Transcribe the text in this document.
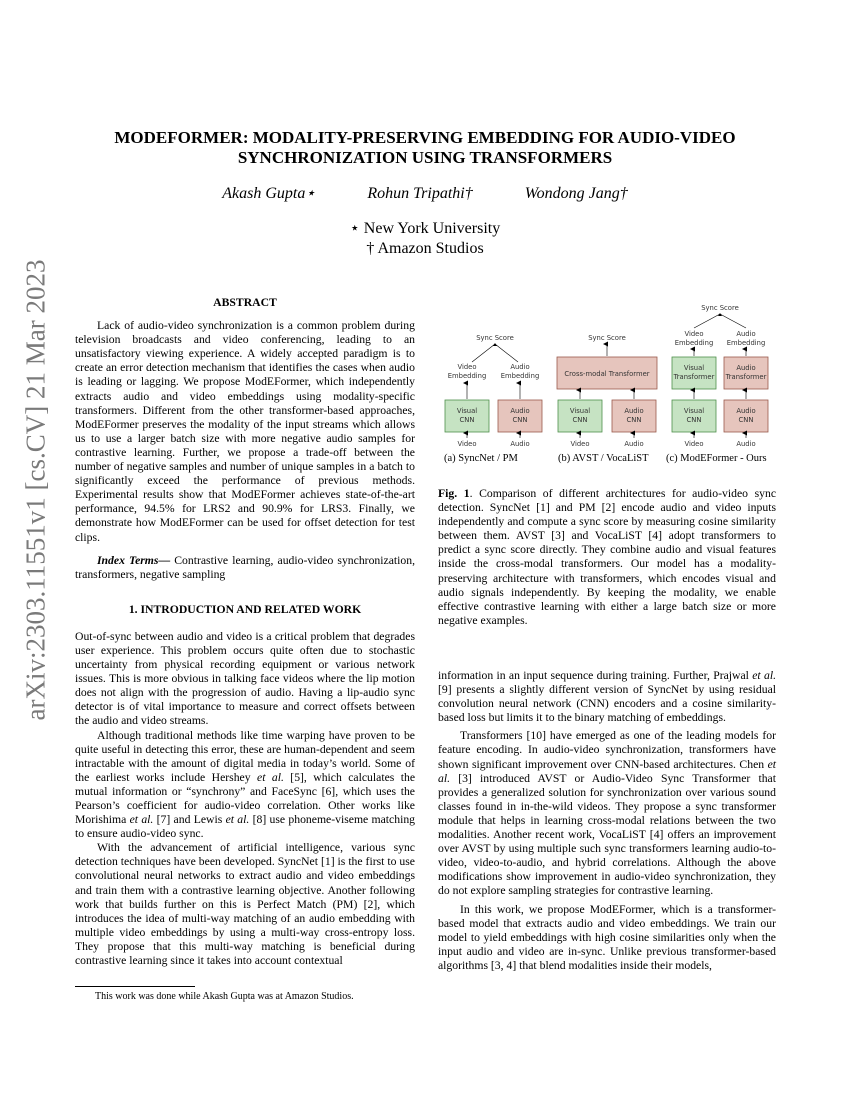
arXiv:2303.11551v1 [cs.CV] 21 Mar 2023
MODEFORMER: MODALITY-PRESERVING EMBEDDING FOR AUDIO-VIDEO
SYNCHRONIZATION USING TRANSFORMERS
Akash Gupta⋆	Rohun Tripathi†	Wondong Jang†
⋆ New York University
† Amazon Studios
ABSTRACT

Lack of audio-video synchronization is a common problem during television broadcasts and video conferencing, leading to an unsatisfactory viewing experience. A widely accepted paradigm is to create an error detection mechanism that identifies the cases when audio is leading or lagging. We propose ModEFormer, which independently extracts audio and video embeddings using modality-specific transformers. Different from the other transformer-based approaches, ModEFormer preserves the modality of the input streams which allows us to use a larger batch size with more negative audio samples for contrastive learning. Further, we propose a trade-off between the number of negative samples and number of unique samples in a batch to significantly exceed the performance of previous methods. Experimental results show that ModEFormer achieves state-of-the-art performance, 94.5% for LRS2 and 90.9% for LRS3. Finally, we demonstrate how ModEFormer can be used for offset detection for test clips.

Index Terms— Contrastive learning, audio-video synchronization, transformers, negative sampling

1. INTRODUCTION AND RELATED WORK

Out-of-sync between audio and video is a critical problem that degrades user experience. This problem occurs quite often due to stochastic uncertainty from physical recording equipment or various network issues. This is more obvious in talking face videos where the lip motion does not align with the progression of audio. Having a lip-audio sync detector is of vital importance to measure and correct offsets between the audio and video streams.

Although traditional methods like time warping have proven to be quite useful in detecting this error, these are human-dependent and seem intractable with the amount of digital media in today’s world. Some of the earliest works include Hershey et al. [5], which calculates the mutual information or “synchrony” and FaceSync [6], which uses the Pearson’s coefficient for audio-video correlation. Other works like Morishima et al. [7] and Lewis et al. [8] use phoneme-viseme matching to ensure audio-video sync.

With the advancement of artificial intelligence, various sync detection techniques have been developed. SyncNet [1] is the first to use convolutional neural networks to extract audio and video embeddings and train them with a contrastive learning objective. Another following work that builds further on this is Perfect Match (PM) [2], which introduces the idea of multi-way matching of an audio embedding with multiple video embeddings by using a multi-way cross-entropy loss. They propose that this multi-way matching is beneficial during contrastive learning since it takes into account contextual

This work was done while Akash Gupta was at Amazon Studios.
Sync Score
Video
Embedding
Audio
Embedding
Visual
CNN
Audio
CNN
Video	Audio
Sync Score
Cross-modal Transformer
Visual
CNN
Audio
CNN
Video	Audio
Sync Score
Video
Embedding
Audio
Embedding
Visual
Transformer
Audio
Transformer
Visual
CNN
Audio
CNN
Video	Audio
(a) SyncNet / PM	(b) AVST / VocaLiST (c) ModEFormer - Ours

Fig. 1. Comparison of different architectures for audio-video sync detection. SyncNet [1] and PM [2] encode audio and video inputs independently and compute a sync score by measuring cosine similarity between them. AVST [3] and VocaLiST [4] adopt transformers to predict a sync score directly. They combine audio and visual features inside the cross-modal transformers. Our model has a modality-preserving architecture with transformers, which encodes visual and audio signals independently. By keeping the modality, we enable effective contrastive learning with either a large batch size or more negative examples.

information in an input sequence during training. Further, Prajwal et al. [9] presents a slightly different version of SyncNet by using residual convolution neural network (CNN) encoders and a cosine similarity-based loss but limits it to the binary matching of embeddings.

Transformers [10] have emerged as one of the leading models for feature encoding. In audio-video synchronization, transformers have shown significant improvement over CNN-based architectures. Chen et al. [3] introduced AVST or Audio-Video Sync Transformer that provides a generalized solution for synchronization over various sound classes found in in-the-wild videos. They propose a sync transformer module that helps in learning cross-modal relations between the two modalities. Another recent work, VocaLiST [4] offers an improvement over AVST by using multiple such sync transformers learning audio-to-video, video-to-audio, and hybrid correlations. Although the above modifications show improvement in audio-video synchronization, they do not explore sampling strategies for contrastive learning.

In this work, we propose ModEFormer, which is a transformer-based model that extracts audio and video embeddings. We train our model to yield embeddings with high cosine similarities only when the input audio and video are in-sync. Unlike previous transformer-based algorithms [3, 4] that blend modalities inside their models,
